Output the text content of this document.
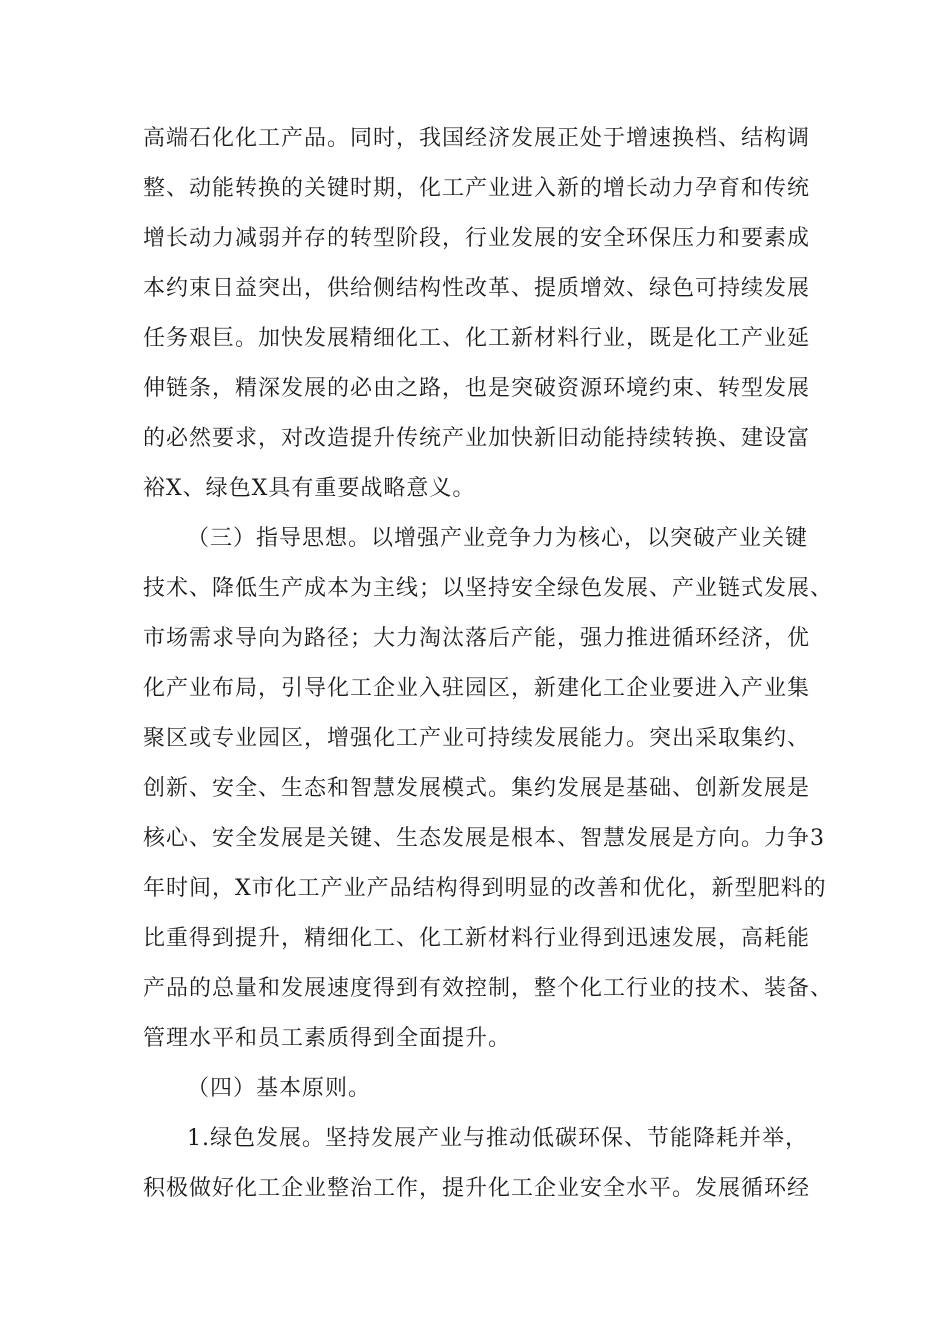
高端石化化工产品。同时，我国经济发展正处于增速换档、结构调
整、动能转换的关键时期，化工产业进入新的增长动力孕育和传统
增长动力减弱并存的转型阶段，行业发展的安全环保压力和要素成
本约束日益突出，供给侧结构性改革、提质增效、绿色可持续发展
任务艰巨。加快发展精细化工、化工新材料行业，既是化工产业延
伸链条，精深发展的必由之路，也是突破资源环境约束、转型发展
的必然要求，对改造提升传统产业加快新旧动能持续转换、建设富
裕X、绿色X具有重要战略意义。
（三）指导思想。以增强产业竞争力为核心，以突破产业关键
技术、降低生产成本为主线；以坚持安全绿色发展、产业链式发展、
市场需求导向为路径；大力淘汰落后产能，强力推进循环经济，优
化产业布局，引导化工企业入驻园区，新建化工企业要进入产业集
聚区或专业园区，增强化工产业可持续发展能力。突出采取集约、
创新、安全、生态和智慧发展模式。集约发展是基础、创新发展是
核心、安全发展是关键、生态发展是根本、智慧发展是方向。力争3
年时间，X市化工产业产品结构得到明显的改善和优化，新型肥料的
比重得到提升，精细化工、化工新材料行业得到迅速发展，高耗能
产品的总量和发展速度得到有效控制，整个化工行业的技术、装备、
管理水平和员工素质得到全面提升。
（四）基本原则。
1.绿色发展。坚持发展产业与推动低碳环保、节能降耗并举，
积极做好化工企业整治工作，提升化工企业安全水平。发展循环经
